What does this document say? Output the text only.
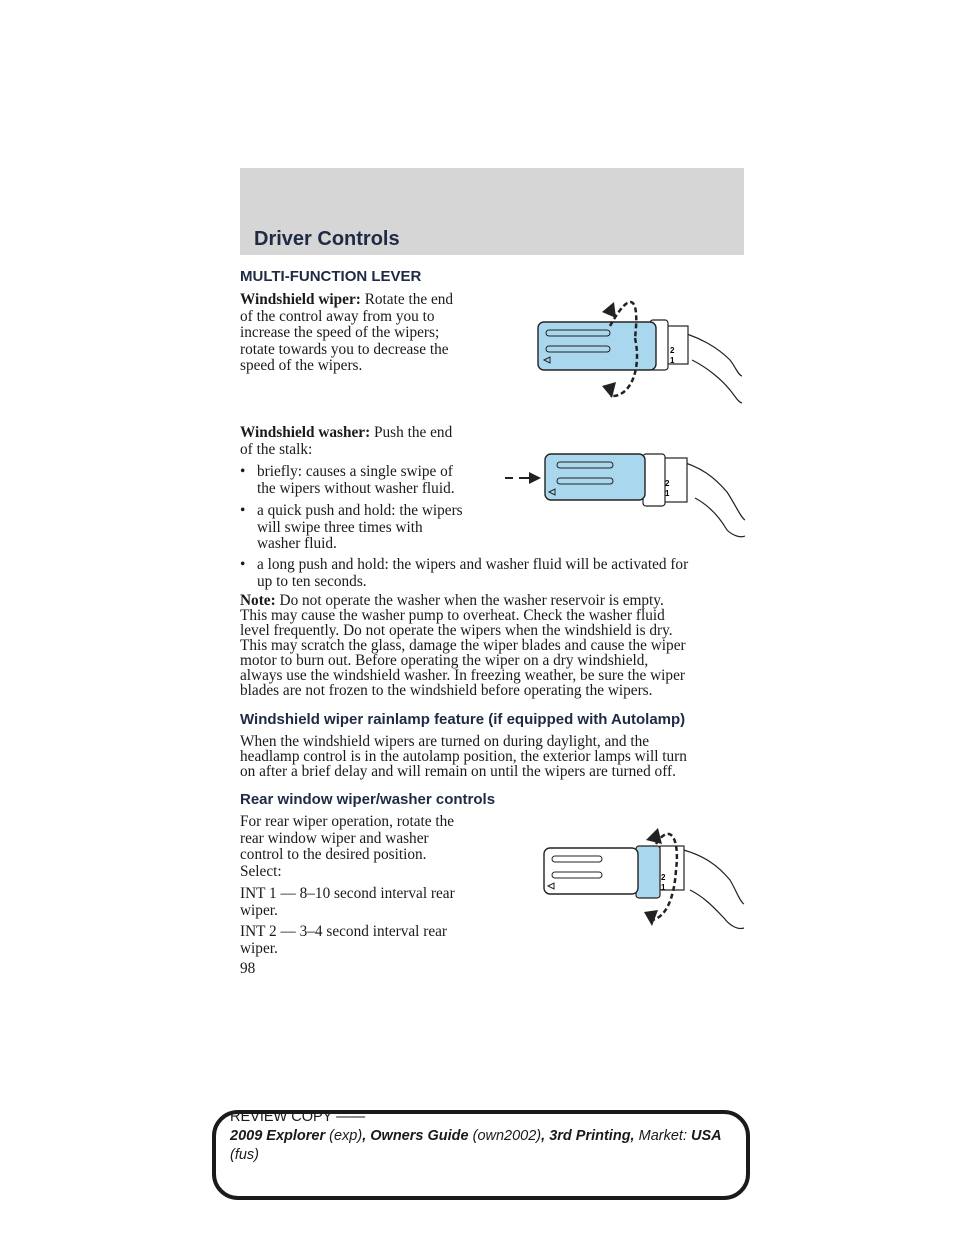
Driver Controls
MULTI-FUNCTION LEVER
Windshield wiper: Rotate the end
of the control away from you to
increase the speed of the wipers;
rotate towards you to decrease the
speed of the wipers.
2
1
Windshield washer: Push the end
of the stalk:
• briefly: causes a single swipe of
the wipers without washer fluid.
• a quick push and hold: the wipers
will swipe three times with
washer fluid.
• a long push and hold: the wipers and washer fluid will be activated for
up to ten seconds.
2
1
Note: Do not operate the washer when the washer reservoir is empty.
This may cause the washer pump to overheat. Check the washer fluid
level frequently. Do not operate the wipers when the windshield is dry.
This may scratch the glass, damage the wiper blades and cause the wiper
motor to burn out. Before operating the wiper on a dry windshield,
always use the windshield washer. In freezing weather, be sure the wiper
blades are not frozen to the windshield before operating the wipers.
Windshield wiper rainlamp feature (if equipped with Autolamp)
When the windshield wipers are turned on during daylight, and the
headlamp control is in the autolamp position, the exterior lamps will turn
on after a brief delay and will remain on until the wipers are turned off.
Rear window wiper/washer controls
For rear wiper operation, rotate the
rear window wiper and washer
control to the desired position.
Select:
INT 1 — 8–10 second interval rear
wiper.
INT 2 — 3–4 second interval rear
wiper.
2
1
98
REVIEW COPY ——
2009 Explorer (exp), Owners Guide (own2002), 3rd Printing, Market: USA
(fus)
